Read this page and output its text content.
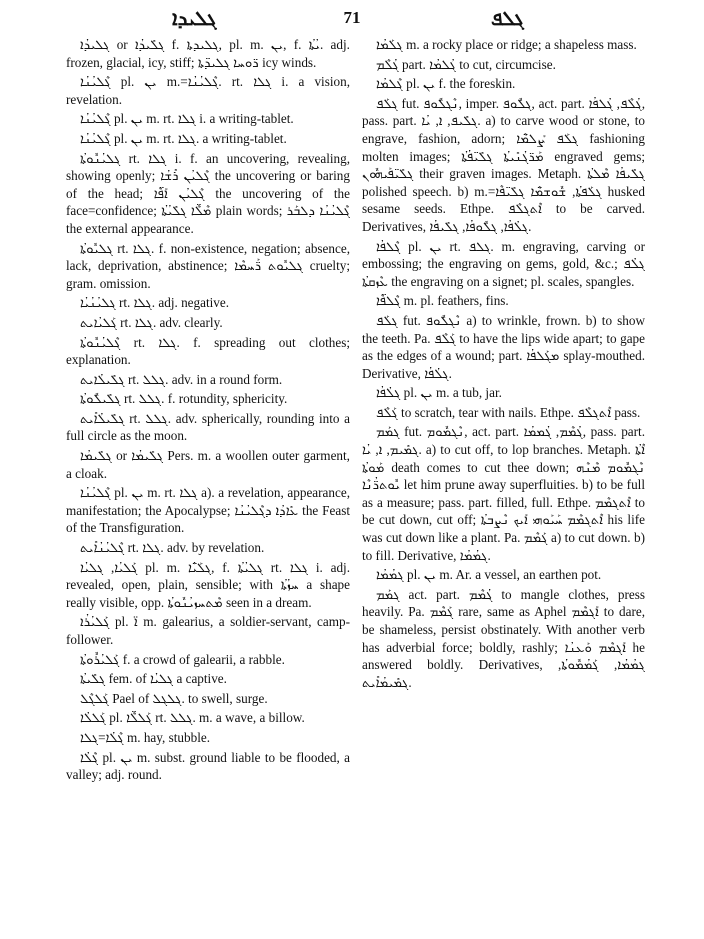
ܓܠܝܕܐ	71	ܓܠܦ

ܓܠܝܕܳܐ or ܓܠܺܝܕܳܐ f. ܓܠܝܕܬܐ, pl. m. ܝܢ, f. ܝܳܬܳܐ. adj. frozen, glacial, icy, stiff; ܪ̈ܘܚܐ ܓܠܝܕ̈ܬܐ icy winds.

ܓܶܠܝܳܢܳܐ pl. ܝܢ m.=ܓܶܠܝܳܢܳܐ. rt. ܓܠܐ i. a vision, revelation.

ܓܶܠܝܳܢܳܐ pl. ܝܢ m. rt. ܓܠܐ i. a writing-tablet.

ܓܶܠܝܳܢܳܐ pl. ܝܢ m. rt. ܓܠܐ. a writing-tablet.

ܓܠܝܳܢܽܘܬܳܐ rt. ܓܠܐ i. f. an uncovering, revealing, showing openly; ܓܶܠܝܳܢ ܪܺܫܳܐ the uncovering or baring of the head; ܓܶܠܝܳܢ ܐܰܦ̈ܶܐ the uncovering of the face=confidence; ܡܶܠܶ̈ܐ ܓܠܺܝܳܬܳܐ plain words; ܓܶܠܝܳܢܳܐ ܕܠܒܰܪ the external appearance.

ܓܠܝܽܘܬܳܐ rt. ܓܠܐ. f. non-existence, negation; absence, lack, deprivation, abstinence; ܓܠܝܽܘܬ ܪ̈ܰܚܡܶܐ cruelty; gram. omission.

ܓܠܝܳܢܳܝܳܐ rt. ܓܠܐ. adj. negative.

ܓܰܠܝܳܐܝܬ rt. ܓܠܐ. adv. clearly.

ܓܶܠܝܳܢܽܘܬܳܐ rt. ܓܠܐ. f. spreading out clothes; explanation.

ܓܠܺܝܠܳܐܝܬ rt. ܓܠܠ. adv. in a round form.

ܓܠܺܝܠܽܘܬܳܐ rt. ܓܠܠ. f. rotundity, sphericity.

ܓܠܺܝܠܳܐܺܝܬ rt. ܓܠܠ. adv. spherically, rounding into a full circle as the moon.

ܓܠܺܝܡܳܐ or ܓܠܺܝܡܳܐ Pers. m. a woollen outer garment, a cloak.

ܓܶܠܝܳܢܳܐ pl. ܝܢ m. rt. ܓܠܐ a). a revelation, appearance, manifestation; the Apocalypse; ܥܺܐܕܳܐ ܕܓܶܠܝܳܢܳܐ the Feast of the Transfiguration.

ܓܶܠܝܳܢܳܐܺܝܬ rt. ܓܠܐ. adv. by revelation.

ܓܰܠܝܳܐ, ܓܠܝܳܐ pl. m. ܓܠܰܝ̈ܳܐ, f. ܓܠܝܳܬܳܐ rt. ܓܠܐ i. adj. revealed, open, plain, sensible; with ܚܙܳܬܳܐ a shape really visible, opp. ܡܶܬܚܙܝܳܢܽܘܬܳܐ seen in a dream.

ܓܰܠܝܳܪܳܐ pl. ܐ̈ m. galearius, a soldier-servant, camp-follower.

ܓܰܠܝܳܪܽܘܬܳܐ f. a crowd of galearii, a rabble.

ܓܠܺܝܬܳܐ fem. of ܓܠܝܳܐ a captive.

ܓܰܠܓܶܠ Pael of ܓܠܓܠ. to swell, surge.

ܓܰܠܠܳܐ pl. ܓܰܠܠܶ̈ܐ rt. ܓܠܠ. m. a wave, a billow.

ܓܶܠܳܐ=ܓܠܐ m. hay, stubble.

ܓܶܠܳܐ pl. ܝܢ m. subst. ground liable to be flooded, a valley; adj. round.

ܓܠܰܡܳܐ m. a rocky place or ridge; a shapeless mass.

ܓܳܠܶܡ part. ܓܳܠܡܳܐ to cut, circumcise.

ܓܶܠܡܳܐ pl. ܝܢ f. the foreskin.

ܓܠܰܦ fut. ܢܶܓܠܽܘܦ, imper. ܓܠܽܘܦ, act. part. ܓܳܠܶܦ, ܓܳܠܦܳܐ, pass. part. ܓܠܺܝܦ, ܐ, ܝܳܐ. a) to carve wood or stone, to engrave, fashion, adorn; ܓܠܰܦ ܨܰܠܡܶ̈ܐ fashioning molten images; ܡܰܪ̈ܓܳܢܺܝܬܳܐ ܓܠܺܝ̈ܦܳܬܳܐ engraved gems; ܓܠܺܝ̈ܦܰܝܗܽܘܢ their graven images. Metaph. ܓܠܺܝܦܳܐ ܡܶܠܬܳܐ polished speech. b) m.=ܓܠܰܦܬܳܐ, ܫܽܘܫܡ̈ܶܐ ܓܠܺܝ̈ܦܶܐ husked sesame seeds. Ethpe. ܐܶܬܓܠܶܦ to be carved. Derivatives, ܓܠܳܦܳܐ, ܓܠܽܘܦܳܐ, ܓܠܺܝܦܳܐ.

ܓܶܠܦܳܐ pl. ܝܢ rt. ܓܠܦ. m. engraving, carving or embossing; the engraving on gems, gold, &c.; ܓܠܳܦ ܥܶܙܩܬܳܐ the engraving on a signet; pl. scales, spangles.

ܓܶܠܦܶ̈ܐ m. pl. feathers, fins.

ܓܠܰܦ fut. ܢܶܓܠܽܘܦ a) to wrinkle, frown. b) to show the teeth. Pa. ܓܰܠܶܦ to have the lips wide apart; to gape as the edges of a wound; part. ܡܓܰܠܦܳܐ splay-mouthed. Derivative, ܓܠܳܦܳܐ.

ܓܠܳܦܳܐ pl. ܝܢ m. a tub, jar.

ܓܰܠܶܦ to scratch, tear with nails. Ethpe. ܐܶܬܓܠܶܦ pass.

ܓܡܰܡ fut. ܢܶܓܡܽܘܡ, act. part. ܓܳܡܶܡ, ܓܳܡܡܳܐ, pass. part. ܓܡܺܝܡ, ܐ, ܝܳܐ. a) to cut off, to lop branches. Metaph. ܐܶܬܳܐ ܡܰܘܬܳܐ death comes to cut thee down; ܢܶܓܡܽܘܡ ܡܶܢܶܗ ܝܽܘܬܪ̈ܳܢܶܐ let him prune away superfluities. b) to be full as a measure; pass. part. filled, full. Ethpe. ܐܶܬܓܡܶܡ to be cut down, cut off; ܐܶܬܓܡܶܡ ܚܰܝܰܘܗܝ ܐܰܝܟ ܢܶܨܒܬܳܐ his life was cut down like a plant. Pa. ܓܰܡܶܡ a) to cut down. b) to fill. Derivative, ܓܡܳܡܳܐ.

ܓܡܳܡܳܐ pl. ܝܢ m. Ar. a vessel, an earthen pot.

ܓܡܰܡ act. part. ܓܳܡܶܡ to mangle clothes, press heavily. Pa. ܓܰܡܶܡ rare, same as Aphel ܐܰܓܡܶܡ to dare, be shameless, persist obstinately. With another verb has adverbial force; boldly, rashly; ܐܰܓܡܶܡ ܘܰܥܢܳܐ he answered boldly. Derivatives, ܓܡܳܡܳܐ, ܓܰܡܳܡܽܘܬܳܐ, ܓܡܺܝܡܳܐܺܝܬ.
